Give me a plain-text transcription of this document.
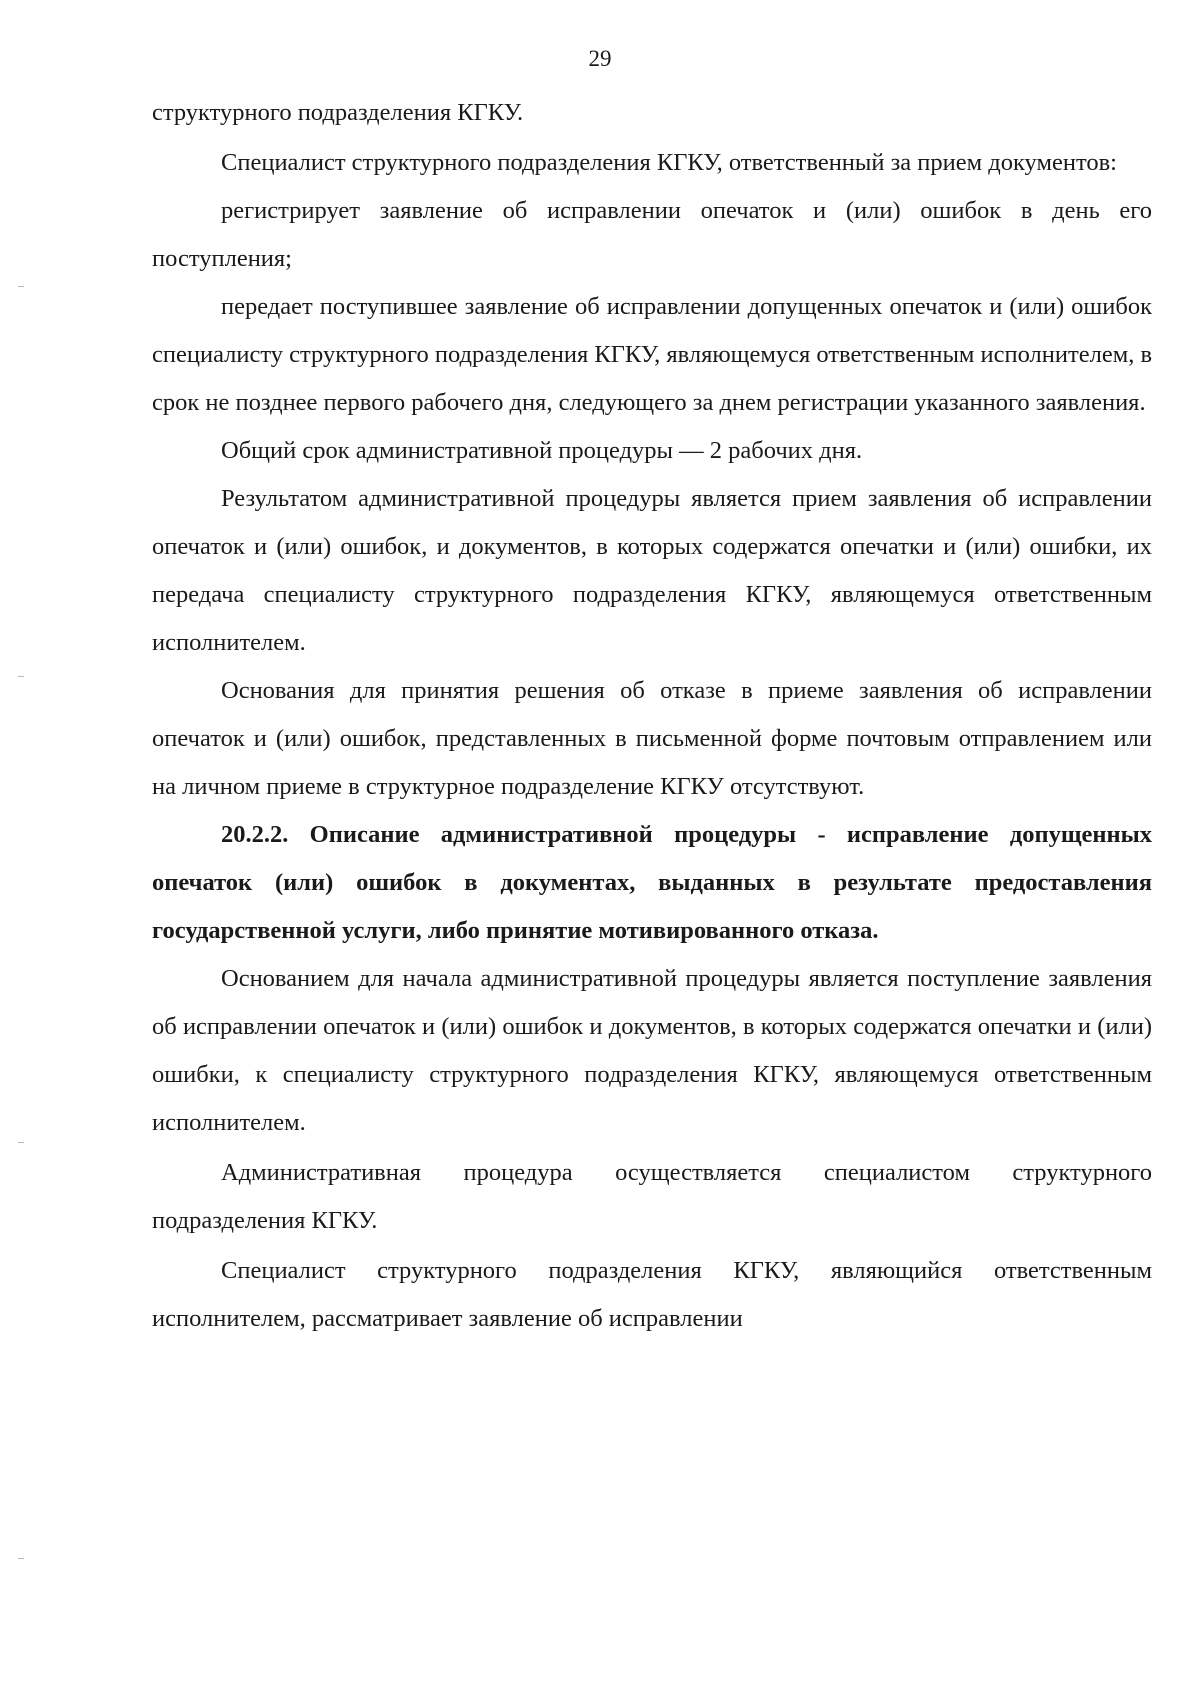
29

структурного подразделения КГКУ.

Специалист структурного подразделения КГКУ, ответственный за прием документов:

регистрирует заявление об исправлении опечаток и (или) ошибок в день его поступления;

передает поступившее заявление об исправлении допущенных опечаток и (или) ошибок специалисту структурного подразделения КГКУ, являющемуся ответственным исполнителем, в срок не позднее первого рабочего дня, следующего за днем регистрации указанного заявления.

Общий срок административной процедуры — 2 рабочих дня.

Результатом административной процедуры является прием заявления об исправлении опечаток и (или) ошибок, и документов, в которых содержатся опечатки и (или) ошибки, их передача специалисту структурного подразделения КГКУ, являющемуся ответственным исполнителем.

Основания для принятия решения об отказе в приеме заявления об исправлении опечаток и (или) ошибок, представленных в письменной форме почтовым отправлением или на личном приеме в структурное подразделение КГКУ отсутствуют.

20.2.2. Описание административной процедуры - исправление допущенных опечаток (или) ошибок в документах, выданных в результате предоставления государственной услуги, либо принятие мотивированного отказа.

Основанием для начала административной процедуры является поступление заявления об исправлении опечаток и (или) ошибок и документов, в которых содержатся опечатки и (или) ошибки, к специалисту структурного подразделения КГКУ, являющемуся ответственным исполнителем.

Административная процедура осуществляется специалистом структурного подразделения КГКУ.

Специалист структурного подразделения КГКУ, являющийся ответственным исполнителем, рассматривает заявление об исправлении
